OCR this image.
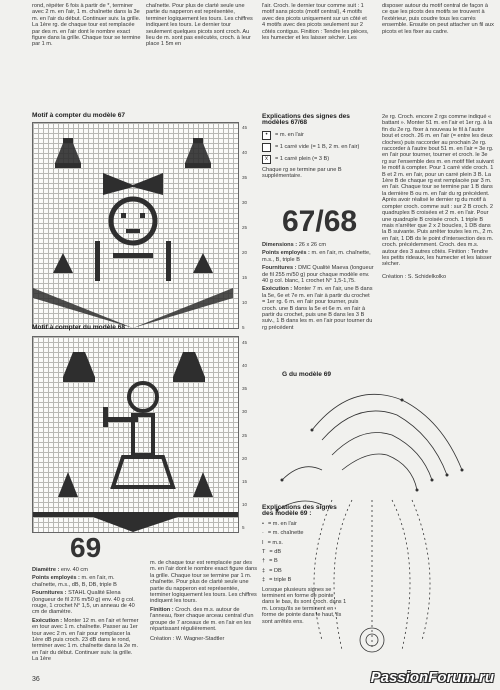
rond, répéter 6 fois à partir de *, terminer avec 2 m. en l'air, 1 m. chaînette dans la 3e m. en l'air du début. Continuer suiv. la grille. La 1ère rg. de chaque tour est remplacée par des m. en l'air dont le nombre exact figure dans la grille. Chaque tour se termine par 1 m.

chaînette. Pour plus de clarté seule une partie du napperon est représentée, terminer logiquement les tours. Les chiffres indiquent les tours. Le dernier tour seulement quelques picots sont croch. Au lieu de m. sont pas exécutés, croch. à leur place 1 5m en

l'air. Croch. le dernier tour comme suit : 1 motif sans picots (motif central), 4 motifs avec des picots uniquement sur un côté et 4 motifs avec des picots seulement sur 2 côtés contigus. Finition : Tendre les pièces, les humecter et les laisser sécher. Les

disposer autour du motif central de façon à ce que les picots des motifs se trouvent à l'extérieur, puis coudre tous les carrés ensemble. Ensuite on peut attacher un fil aux picots et les fixer au cadre.

Motif à compter du modèle 67
45
40
35
30
25
20
15
10
5
Motif à compter du modèle 68
45
40
35
30
25
20
15
10
5
Explications des signes des modèles 67/68
•	= m. en l'air
= 1 carré vide (= 1 B, 2 m. en l'air)
x	= 1 carré plein (= 3 B)
Chaque rg se termine par une B supplémentaire.
67/68

Dimensions : 26 x 26 cm

Points employés : m. en l'air, m. chaînette, m.s., B, triple B

Fournitures : DMC Qualité Maeva (longueur de fil 255 m/50 g) pour chaque modèle env. 40 g col. blanc, 1 crochet N° 1,5-1,75.

Exécution : Monter 7 m. en l'air, une B dans la 5e, 6e et 7e m. en l'air à partir du crochet = 1er rg. 6 m. en l'air pour tourner, puis croch. une B dans la 5e et 6e m. en l'air à partir du crochet, puis une B dans les 3 B suiv., 1 B dans les m. en l'air pour tourner du rg précédent

2e rg. Croch. encore 2 rgs comme indiqué « battant ». Monter 51 m. en l'air et 1er rg. à la fin du 2e rg. fixer à nouveau le fil à l'autre bout et croch. 26 m. en l'air (= entre les deux cloches) puis raccorder au prochain 2e rg. raccorder à l'autre bout 51 m. en l'air = 3e rg. en l'air pour tourner, tourner et croch. le 3e rg sur l'ensemble des m. en motif filet suivant le motif à compter. Pour 1 carré vide croch. 1 B et 2 m. en l'air, pour un carré plein 3 B. La 1ère B de chaque rg est remplacée par 3 m. en l'air. Chaque tour se termine par 1 B dans la dernière B ou m. en l'air du rg précédent. Après avoir réalisé le dernier rg du motif à compter croch. comme suit : sur 2 B croch. 2 quadruples B croisées et 2 m. en l'air. Pour une quadruple B croisée croch. 1 triple B mais n'arrêter que 2 x 2 boucles, 1 DB dans la B suivante. Puis arrêter toutes les m., 2 m. en l'air, 1 DB ds le point d'intersection des m. croch. précédemment. Croch. des m.s. autour des 3 autres côtés. Finition : Tendre les petits rideaux, les humecter et les laisser sécher.

Création : S. Schidelkolko

G du modèle 69
Explications des signes des modèle 69 :
• = m. en l'air
· = m. chaînette
I = m.s.
T = dB
† = B
‡ = DB
‡ = triple B

Lorsque plusieurs signes se terminent en forme de pointe dans le bas, ils sont croch. dans 1 m. Lorsqu'ils se terminent en forme de pointe dans le haut, ils sont arrêtés ens.

69

Diamètre : env. 40 cm

Points employés : m. en l'air, m. chaînette, m.s., dB, B, DB, triple B

Fournitures : STAHL Qualité Elena (longueur de fil 276 m/50 g) env. 40 g col. rouge, 1 crochet N° 1,5, un anneau de 40 cm de diamètre.

Exécution : Monter 12 m. en l'air et fermer en tour avec 1 m. chaînette. Passer au 1er tour avec 2 m. en l'air pour remplacer la 1ère dB puis croch. 23 dB dans le rond, terminer avec 1 m. chaînette dans la 2e m. en l'air du début. Continuer suiv. la grille. La 1ère

m. de chaque tour est remplacée par des m. en l'air dont le nombre exact figure dans la grille. Chaque tour se termine par 1 m. chaînette. Pour plus de clarté seule une partie du napperon est représentée, terminer logiquement les tours. Les chiffres indiquent les tours.

Finition : Croch. des m.s. autour de l'anneau, fixer chaque arceau central d'un groupe de 7 arceaux de m. en l'air en les répartissant régulièrement.

Création : W. Wagner-Stadtler

36	PassionForum.ru
